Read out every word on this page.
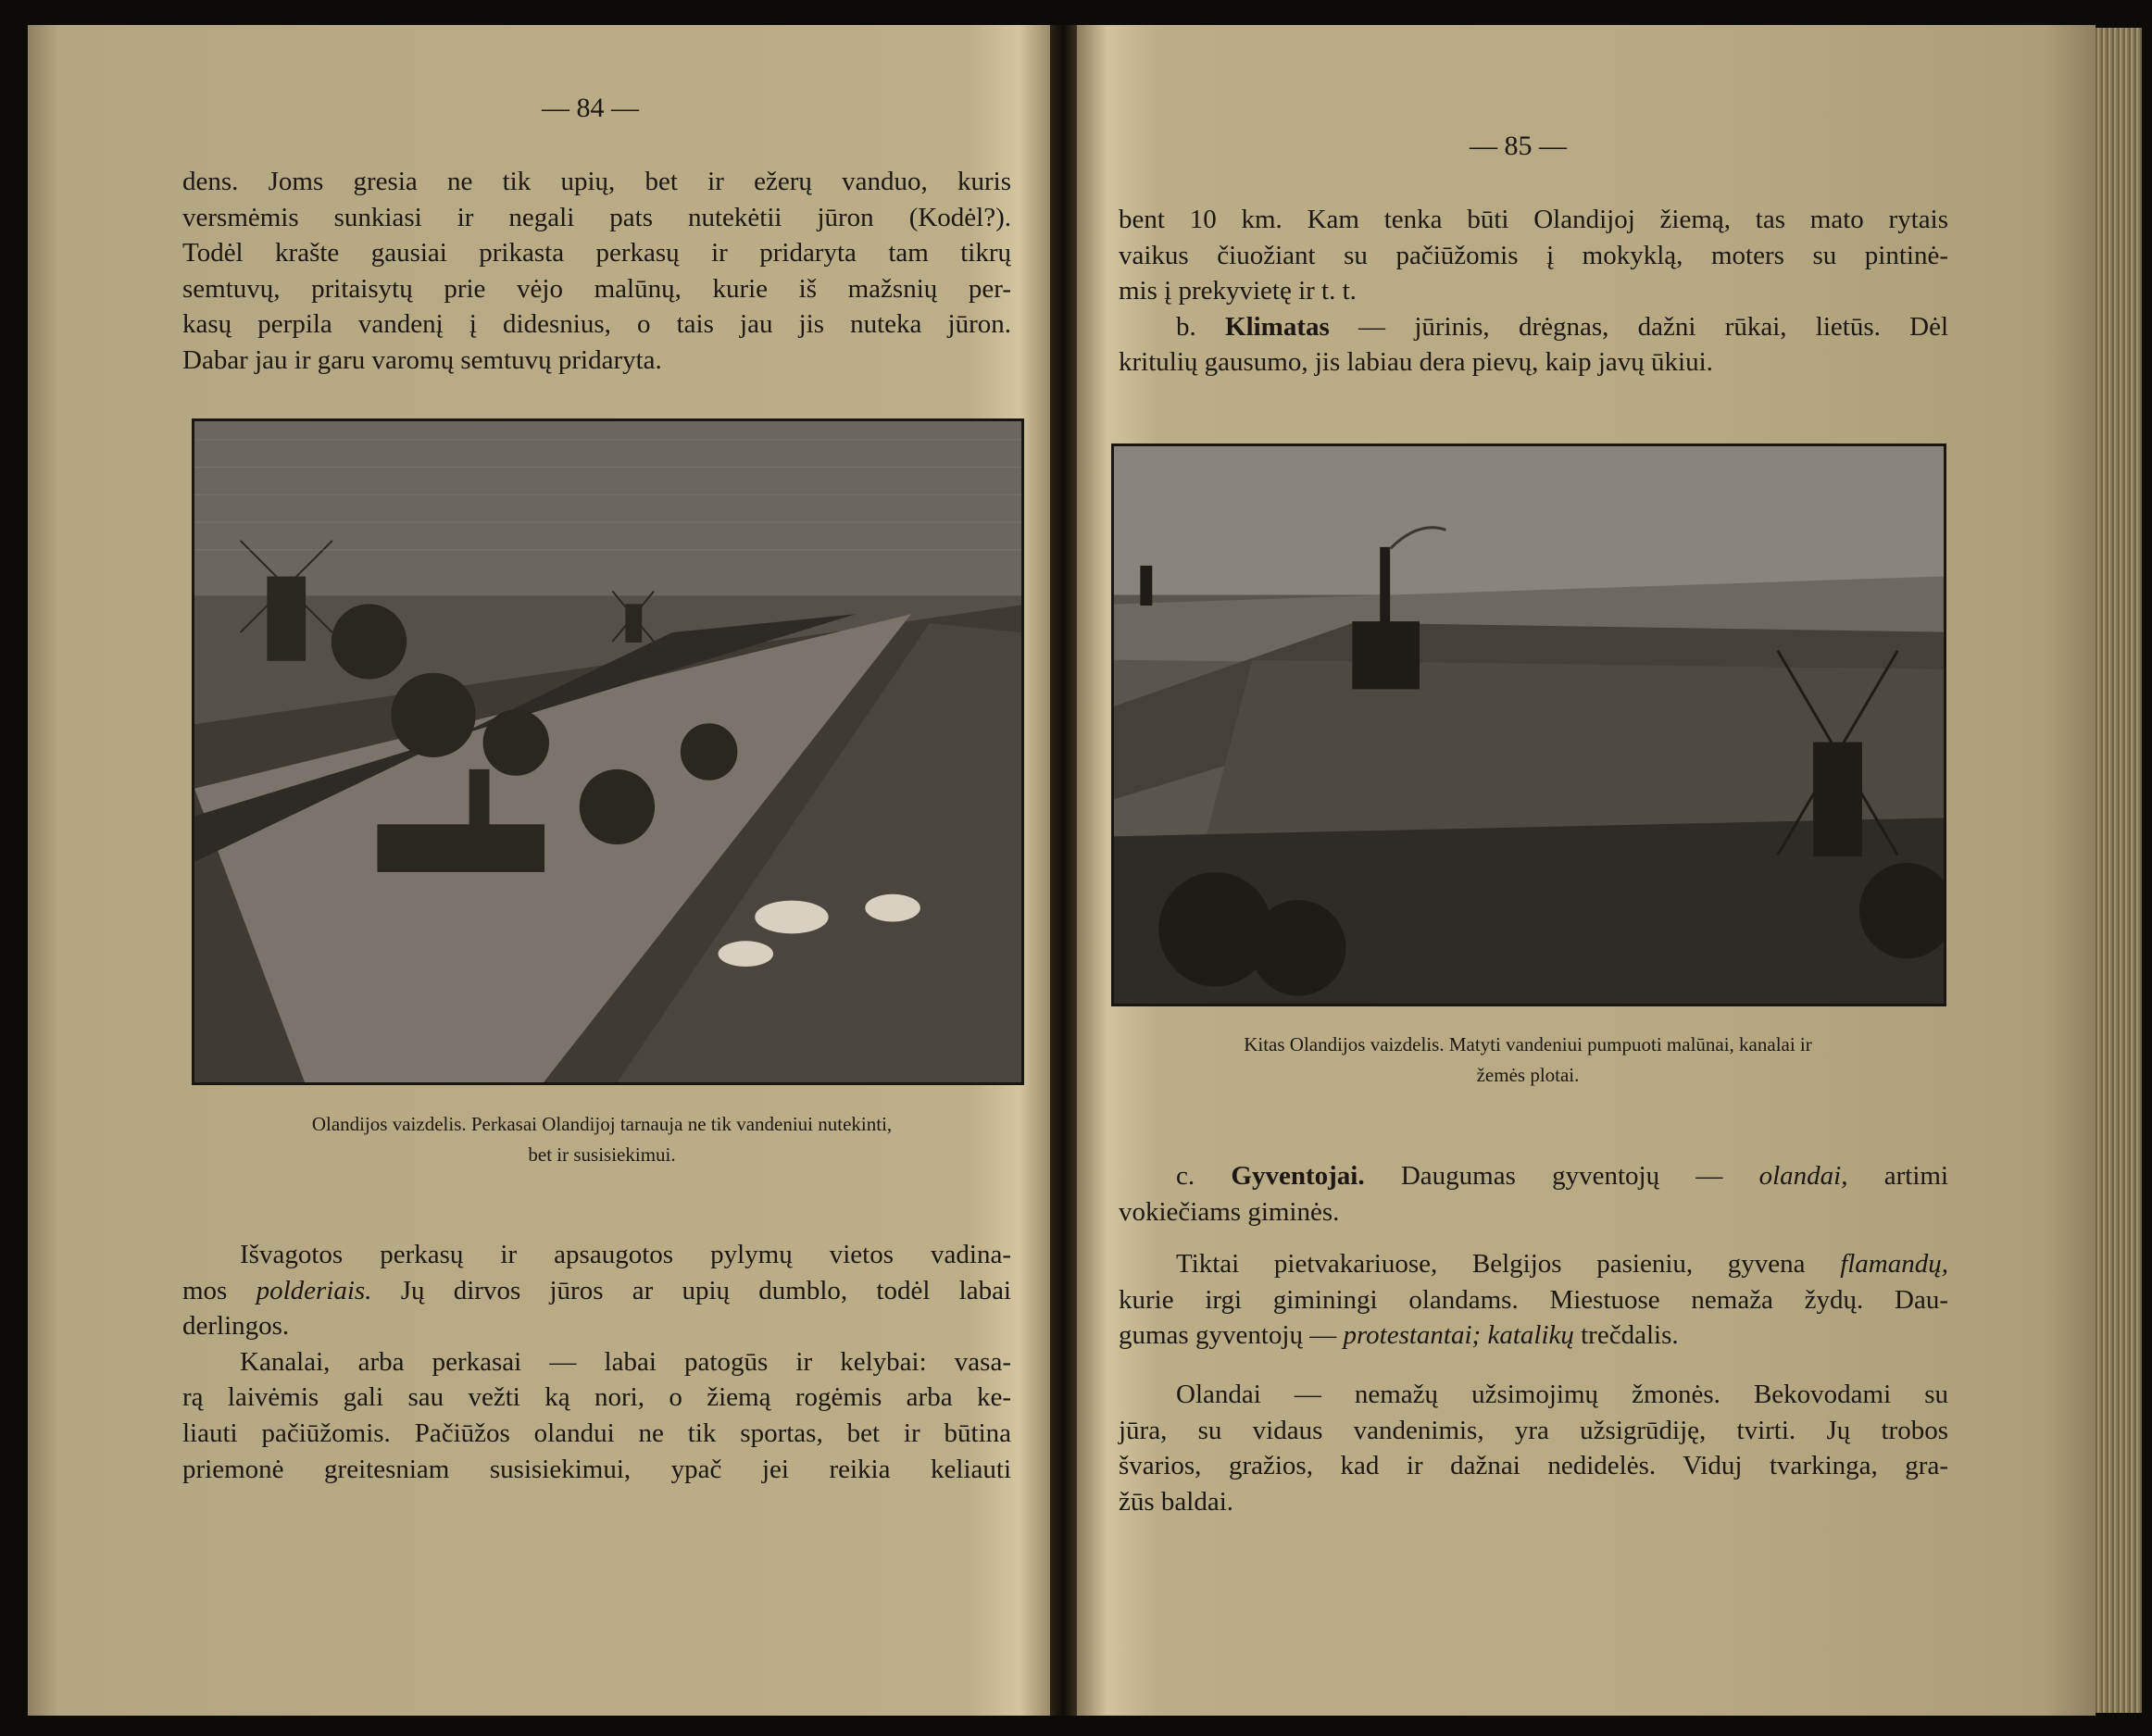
— 84 —
— 85 —
dens. Joms gresia ne tik upių, bet ir ežerų vanduo, kuris
versmėmis sunkiasi ir negali pats nutekėtii jūron (Kodėl?).
Todėl krašte gausiai prikasta perkasų ir pridaryta tam tikrų
semtuvų, pritaisytų prie vėjo malūnų, kurie iš mažsnių per-
kasų perpila vandenį į didesnius, o tais jau jis nuteka jūron.
Dabar jau ir garu varomų semtuvų pridaryta.
Olandijos vaizdelis. Perkasai Olandijoj tarnauja ne tik vandeniui nutekinti,
bet ir susisiekimui.
Išvagotos perkasų ir apsaugotos pylymų vietos vadina-
mos polderiais. Jų dirvos jūros ar upių dumblo, todėl labai
derlingos.
Kanalai, arba perkasai — labai patogūs ir kelybai: vasa-
rą laivėmis gali sau vežti ką nori, o žiemą rogėmis arba ke-
liauti pačiūžomis. Pačiūžos olandui ne tik sportas, bet ir būtina
priemonė greitesniam susisiekimui, ypač jei reikia keliauti
bent 10 km. Kam tenka būti Olandijoj žiemą, tas mato rytais
vaikus čiuožiant su pačiūžomis į mokyklą, moters su pintinė-
mis į prekyvietę ir t. t.
b. Klimatas — jūrinis, drėgnas, dažni rūkai, lietūs. Dėl
kritulių gausumo, jis labiau dera pievų, kaip javų ūkiui.
Kitas Olandijos vaizdelis. Matyti vandeniui pumpuoti malūnai, kanalai ir
žemės plotai.
c. Gyventojai. Daugumas gyventojų — olandai, artimi
vokiečiams giminės.
Tiktai pietvakariuose, Belgijos pasieniu, gyvena flamandų,
kurie irgi giminingi olandams. Miestuose nemaža žydų. Dau-
gumas gyventojų — protestantai; katalikų trečdalis.
Olandai — nemažų užsimojimų žmonės. Bekovodami su
jūra, su vidaus vandenimis, yra užsigrūdiję, tvirti. Jų trobos
švarios, gražios, kad ir dažnai nedidelės. Viduj tvarkinga, gra-
žūs baldai.
